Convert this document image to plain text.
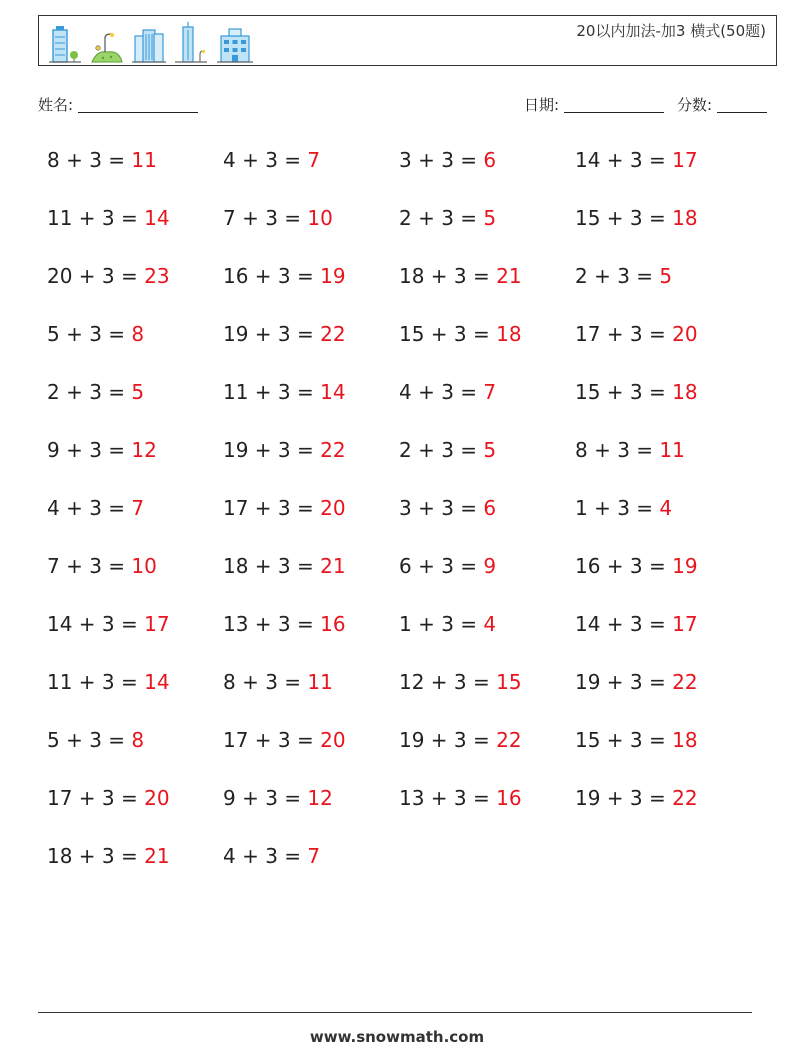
20以内加法-加3 横式(50题)
姓名:	日期:	分数:
8 + 3 = 11	4 + 3 = 7	3 + 3 = 6	14 + 3 = 17
11 + 3 = 14	7 + 3 = 10	2 + 3 = 5	15 + 3 = 18
20 + 3 = 23	16 + 3 = 19	18 + 3 = 21	2 + 3 = 5
5 + 3 = 8	19 + 3 = 22	15 + 3 = 18	17 + 3 = 20
2 + 3 = 5	11 + 3 = 14	4 + 3 = 7	15 + 3 = 18
9 + 3 = 12	19 + 3 = 22	2 + 3 = 5	8 + 3 = 11
4 + 3 = 7	17 + 3 = 20	3 + 3 = 6	1 + 3 = 4
7 + 3 = 10	18 + 3 = 21	6 + 3 = 9	16 + 3 = 19
14 + 3 = 17	13 + 3 = 16	1 + 3 = 4	14 + 3 = 17
11 + 3 = 14	8 + 3 = 11	12 + 3 = 15	19 + 3 = 22
5 + 3 = 8	17 + 3 = 20	19 + 3 = 22	15 + 3 = 18
17 + 3 = 20	9 + 3 = 12	13 + 3 = 16	19 + 3 = 22
18 + 3 = 21	4 + 3 = 7
www.snowmath.com
